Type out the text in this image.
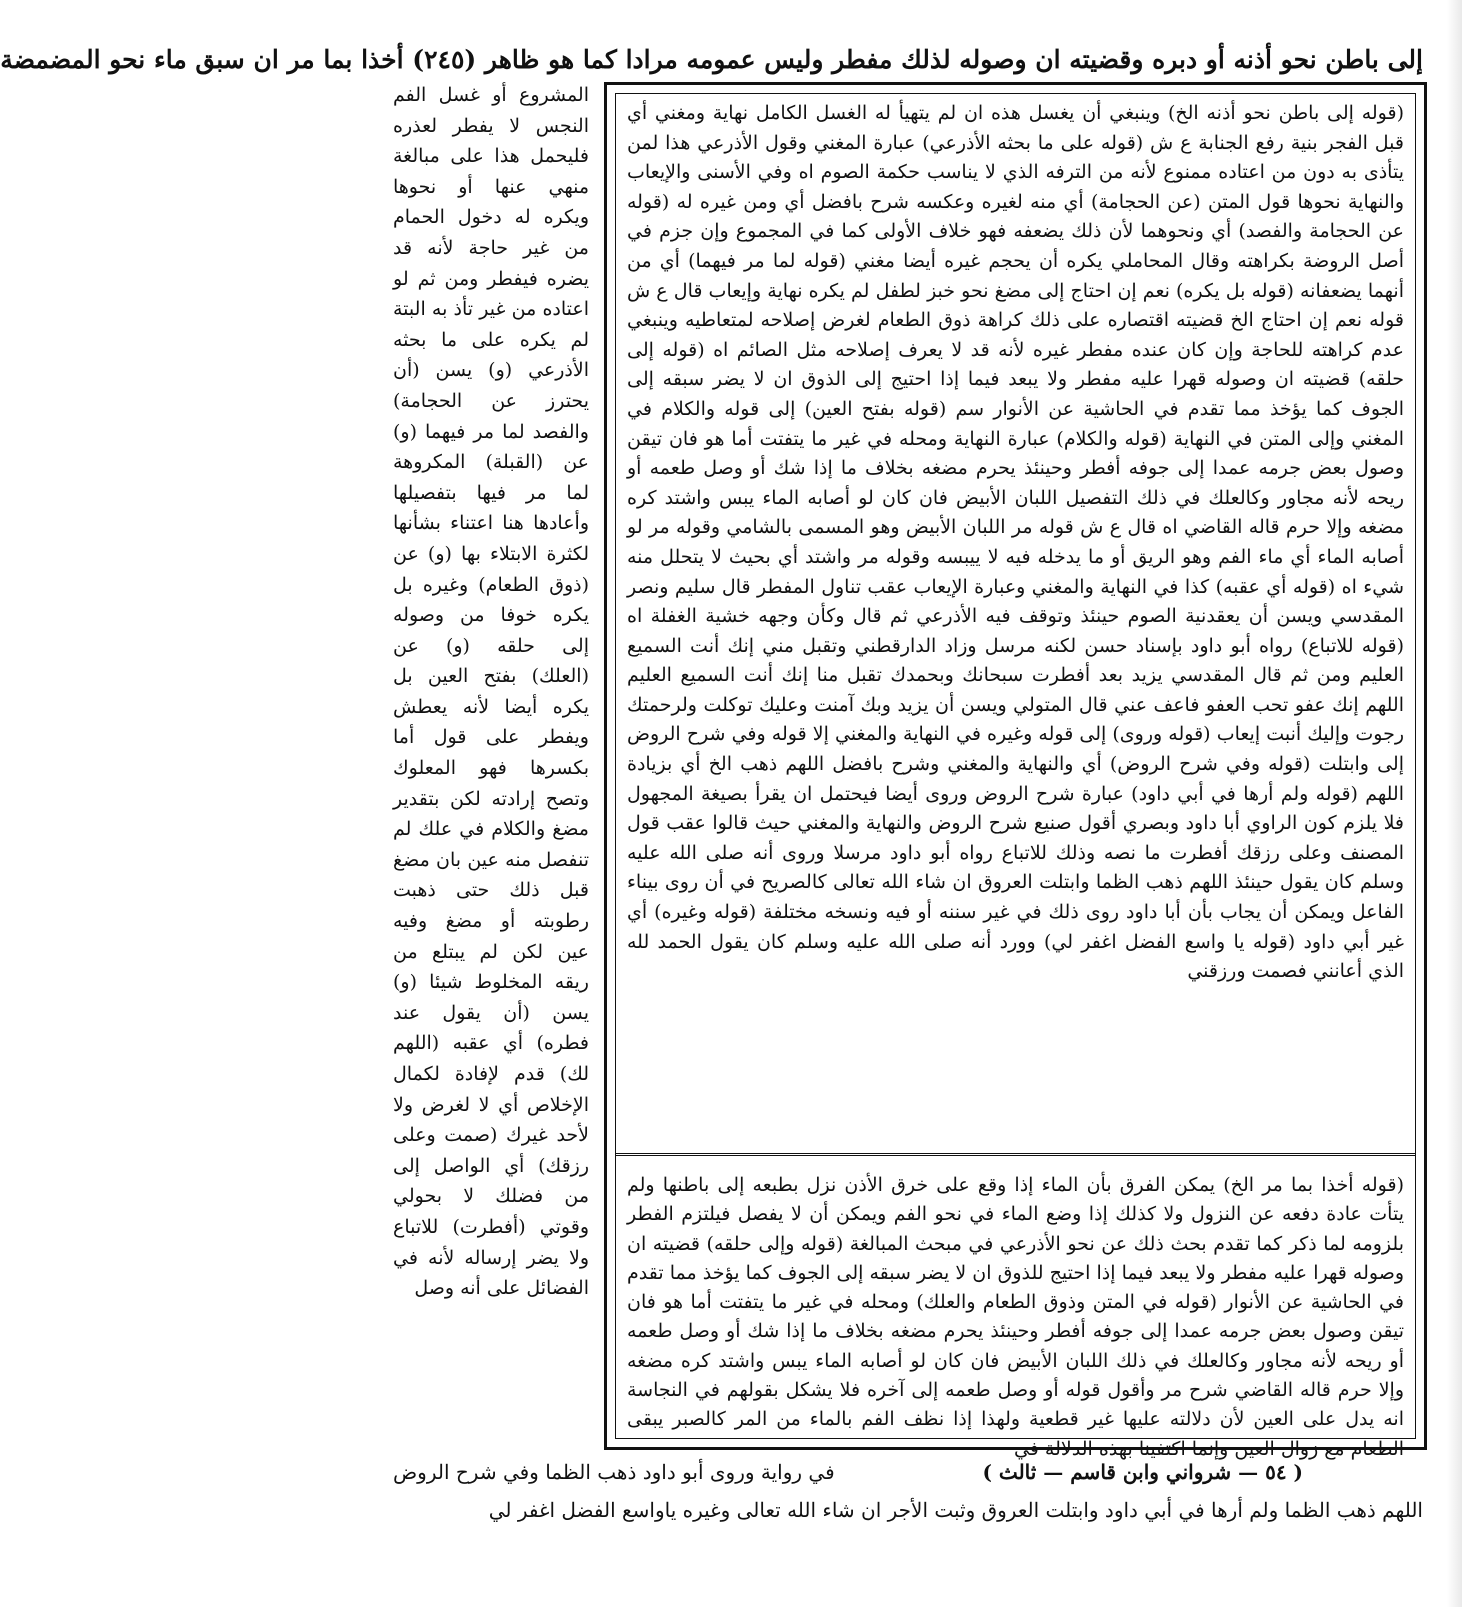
إلى باطن نحو أذنه أو دبره وقضيته ان وصوله لذلك مفطر وليس عمومه مرادا كما هو ظاهر (٢٤٥) أخذا بما مر ان سبق ماء نحو المضمضة

المشروع أو غسل الفم النجس لا يفطر لعذره فليحمل هذا على مبالغة منهي عنها أو نحوها ويكره له دخول الحمام من غير حاجة لأنه قد يضره فيفطر ومن ثم لو اعتاده من غير تأذ به البتة لم يكره على ما بحثه الأذرعي (و) يسن (أن يحترز عن الحجامة) والفصد لما مر فيهما (و) عن (القبلة) المكروهة لما مر فيها بتفصيلها وأعادها هنا اعتناء بشأنها لكثرة الابتلاء بها (و) عن (ذوق الطعام) وغيره بل يكره خوفا من وصوله إلى حلقه (و) عن (العلك) بفتح العين بل يكره أيضا لأنه يعطش ويفطر على قول أما بكسرها فهو المعلوك وتصح إرادته لكن بتقدير مضغ والكلام في علك لم تنفصل منه عين بان مضغ قبل ذلك حتى ذهبت رطوبته أو مضغ وفيه عين لكن لم يبتلع من ريقه المخلوط شيئا (و) يسن (أن يقول عند فطره) أي عقبه (اللهم لك) قدم لإفادة لكمال الإخلاص أي لا لغرض ولا لأحد غيرك (صمت وعلى رزقك) أي الواصل إلى من فضلك لا بحولي وقوتي (أفطرت) للاتباع ولا يضر إرساله لأنه في الفضائل على أنه وصل

(قوله إلى باطن نحو أذنه الخ) وينبغي أن يغسل هذه ان لم يتهيأ له الغسل الكامل نهاية ومغني أي قبل الفجر بنية رفع الجنابة ع ش (قوله على ما بحثه الأذرعي) عبارة المغني وقول الأذرعي هذا لمن يتأذى به دون من اعتاده ممنوع لأنه من الترفه الذي لا يناسب حكمة الصوم اه وفي الأسنى والإيعاب والنهاية نحوها قول المتن (عن الحجامة) أي منه لغيره وعكسه شرح بافضل أي ومن غيره له (قوله عن الحجامة والفصد) أي ونحوهما لأن ذلك يضعفه فهو خلاف الأولى كما في المجموع وإن جزم في أصل الروضة بكراهته وقال المحاملي يكره أن يحجم غيره أيضا مغني (قوله لما مر فيهما) أي من أنهما يضعفانه (قوله بل يكره) نعم إن احتاج إلى مضغ نحو خبز لطفل لم يكره نهاية وإيعاب قال ع ش قوله نعم إن احتاج الخ قضيته اقتصاره على ذلك كراهة ذوق الطعام لغرض إصلاحه لمتعاطيه وينبغي عدم كراهته للحاجة وإن كان عنده مفطر غيره لأنه قد لا يعرف إصلاحه مثل الصائم اه (قوله إلى حلقه) قضيته ان وصوله قهرا عليه مفطر ولا يبعد فيما إذا احتيج إلى الذوق ان لا يضر سبقه إلى الجوف كما يؤخذ مما تقدم في الحاشية عن الأنوار سم (قوله بفتح العين) إلى قوله والكلام في المغني وإلى المتن في النهاية (قوله والكلام) عبارة النهاية ومحله في غير ما يتفتت أما هو فان تيقن وصول بعض جرمه عمدا إلى جوفه أفطر وحينئذ يحرم مضغه بخلاف ما إذا شك أو وصل طعمه أو ريحه لأنه مجاور وكالعلك في ذلك التفصيل اللبان الأبيض فان كان لو أصابه الماء يبس واشتد كره مضغه وإلا حرم قاله القاضي اه قال ع ش قوله مر اللبان الأبيض وهو المسمى بالشامي وقوله مر لو أصابه الماء أي ماء الفم وهو الريق أو ما يدخله فيه لا ييبسه وقوله مر واشتد أي بحيث لا يتحلل منه شيء اه (قوله أي عقبه) كذا في النهاية والمغني وعبارة الإيعاب عقب تناول المفطر قال سليم ونصر المقدسي ويسن أن يعقدنية الصوم حينئذ وتوقف فيه الأذرعي ثم قال وكأن وجهه خشية الغفلة اه (قوله للاتباع) رواه أبو داود بإسناد حسن لكنه مرسل وزاد الدارقطني وتقبل مني إنك أنت السميع العليم ومن ثم قال المقدسي يزيد بعد أفطرت سبحانك وبحمدك تقبل منا إنك أنت السميع العليم اللهم إنك عفو تحب العفو فاعف عني قال المتولي ويسن أن يزيد وبك آمنت وعليك توكلت ولرحمتك رجوت وإليك أنبت إيعاب (قوله وروى) إلى قوله وغيره في النهاية والمغني إلا قوله وفي شرح الروض إلى وابتلت (قوله وفي شرح الروض) أي والنهاية والمغني وشرح بافضل اللهم ذهب الخ أي بزيادة اللهم (قوله ولم أرها في أبي داود) عبارة شرح الروض وروى أيضا فيحتمل ان يقرأ بصيغة المجهول فلا يلزم كون الراوي أبا داود وبصري أقول صنيع شرح الروض والنهاية والمغني حيث قالوا عقب قول المصنف وعلى رزقك أفطرت ما نصه وذلك للاتباع رواه أبو داود مرسلا وروى أنه صلى الله عليه وسلم كان يقول حينئذ اللهم ذهب الظما وابتلت العروق ان شاء الله تعالى كالصريح في أن روى بيناء الفاعل ويمكن أن يجاب بأن أبا داود روى ذلك في غير سننه أو فيه ونسخه مختلفة (قوله وغيره) أي غير أبي داود (قوله يا واسع الفضل اغفر لي) وورد أنه صلى الله عليه وسلم كان يقول الحمد لله الذي أعانني فصمت ورزقني

(قوله أخذا بما مر الخ) يمكن الفرق بأن الماء إذا وقع على خرق الأذن نزل بطبعه إلى باطنها ولم يتأت عادة دفعه عن النزول ولا كذلك إذا وضع الماء في نحو الفم ويمكن أن لا يفصل فيلتزم الفطر بلزومه لما ذكر كما تقدم بحث ذلك عن نحو الأذرعي في مبحث المبالغة (قوله وإلى حلقه) قضيته ان وصوله قهرا عليه مفطر ولا يبعد فيما إذا احتيج للذوق ان لا يضر سبقه إلى الجوف كما يؤخذ مما تقدم في الحاشية عن الأنوار (قوله في المتن وذوق الطعام والعلك) ومحله في غير ما يتفتت أما هو فان تيقن وصول بعض جرمه عمدا إلى جوفه أفطر وحينئذ يحرم مضغه بخلاف ما إذا شك أو وصل طعمه أو ريحه لأنه مجاور وكالعلك في ذلك اللبان الأبيض فان كان لو أصابه الماء يبس واشتد كره مضغه وإلا حرم قاله القاضي شرح مر وأقول قوله أو وصل طعمه إلى آخره فلا يشكل بقولهم في النجاسة انه يدل على العين لأن دلالته عليها غير قطعية ولهذا إذا نظف الفم بالماء من المر كالصبر يبقى الطعام مع زوال العين وإنما اكتفينا بهذه الدلالة في

( ٥٤ — شرواني وابن قاسم — ثالث )
في رواية وروى أبو داود ذهب الظما وفي شرح الروض
اللهم ذهب الظما ولم أرها في أبي داود وابتلت العروق وثبت الأجر ان شاء الله تعالى وغيره ياواسع الفضل اغفر لي
